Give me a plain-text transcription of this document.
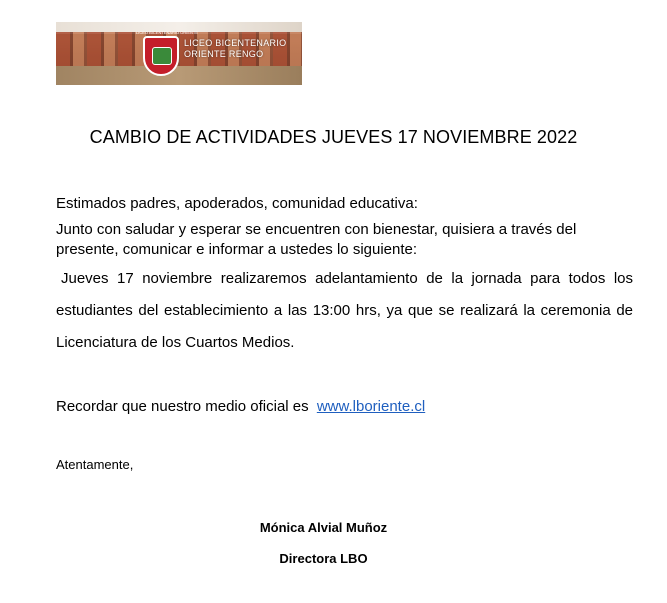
LICEO BICENTENARIO ORIENTE
LICEO BICENTENARIO
ORIENTE RENGO
CAMBIO DE ACTIVIDADES JUEVES 17 NOVIEMBRE 2022

Estimados padres, apoderados, comunidad educativa:

Junto con saludar y esperar se encuentren con bienestar, quisiera a través del presente, comunicar e informar a ustedes lo siguiente:

Jueves 17 noviembre realizaremos adelantamiento de la jornada para todos los estudiantes del establecimiento a las 13:00 hrs, ya que se realizará la ceremonia de Licenciatura de los Cuartos Medios.

Recordar que nuestro medio oficial es www.lboriente.cl

Atentamente,

Mónica Alvial Muñoz

Directora LBO
